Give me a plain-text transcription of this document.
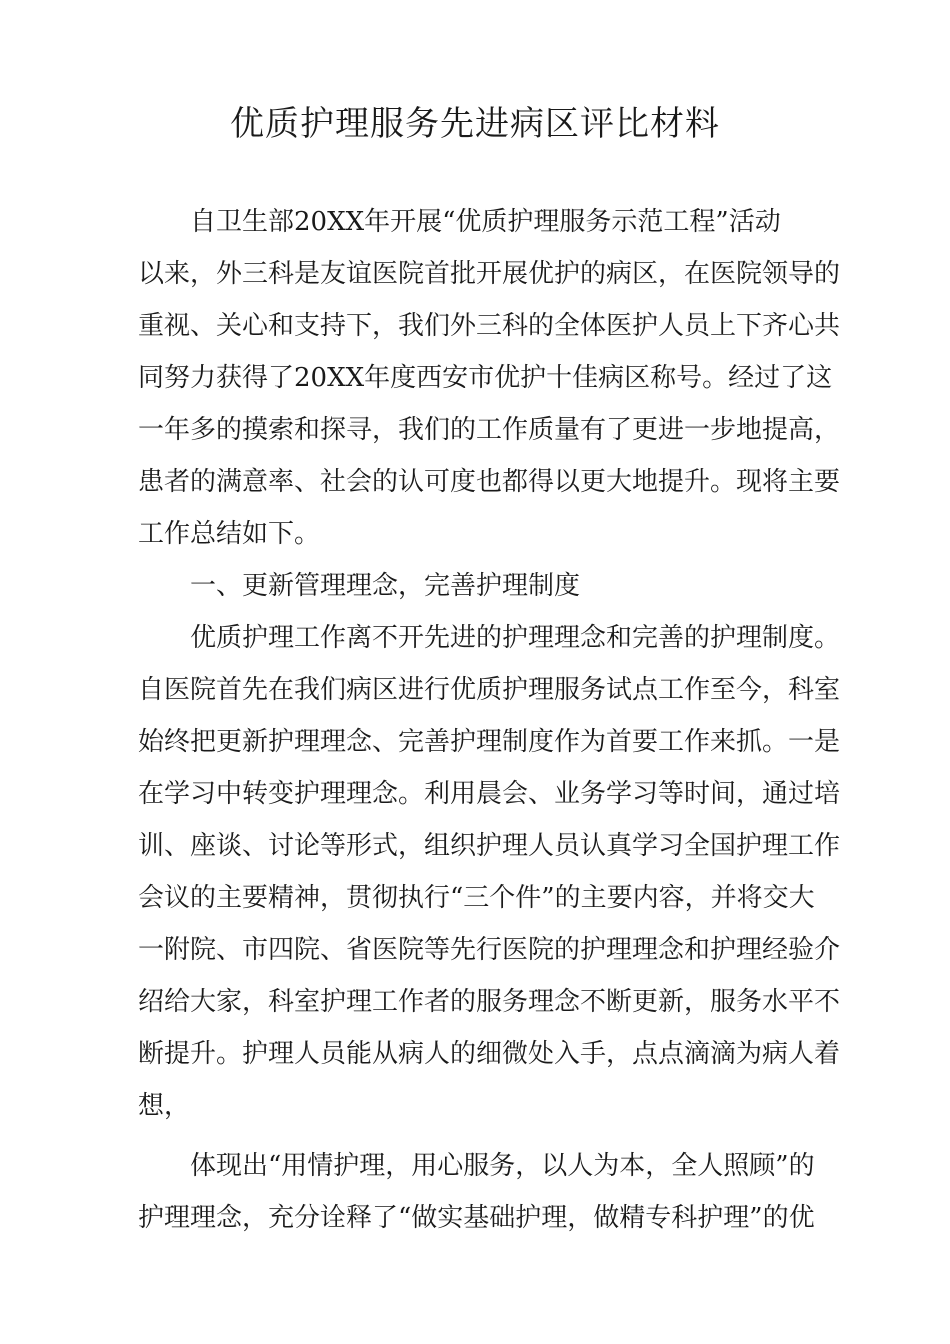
优质护理服务先进病区评比材料
自卫生部20XX年开展“优质护理服务示范工程”活动
以来，外三科是友谊医院首批开展优护的病区，在医院领导的
重视、关心和支持下，我们外三科的全体医护人员上下齐心共
同努力获得了20XX年度西安市优护十佳病区称号。经过了这
一年多的摸索和探寻，我们的工作质量有了更进一步地提高，
患者的满意率、社会的认可度也都得以更大地提升。现将主要
工作总结如下。
一、更新管理理念，完善护理制度
优质护理工作离不开先进的护理理念和完善的护理制度。
自医院首先在我们病区进行优质护理服务试点工作至今，科室
始终把更新护理理念、完善护理制度作为首要工作来抓。一是
在学习中转变护理理念。利用晨会、业务学习等时间，通过培
训、座谈、讨论等形式，组织护理人员认真学习全国护理工作
会议的主要精神，贯彻执行“三个件”的主要内容，并将交大
一附院、市四院、省医院等先行医院的护理理念和护理经验介
绍给大家，科室护理工作者的服务理念不断更新，服务水平不
断提升。护理人员能从病人的细微处入手，点点滴滴为病人着
想，
体现出“用情护理，用心服务，以人为本，全人照顾”的
护理理念，充分诠释了“做实基础护理，做精专科护理”的优
